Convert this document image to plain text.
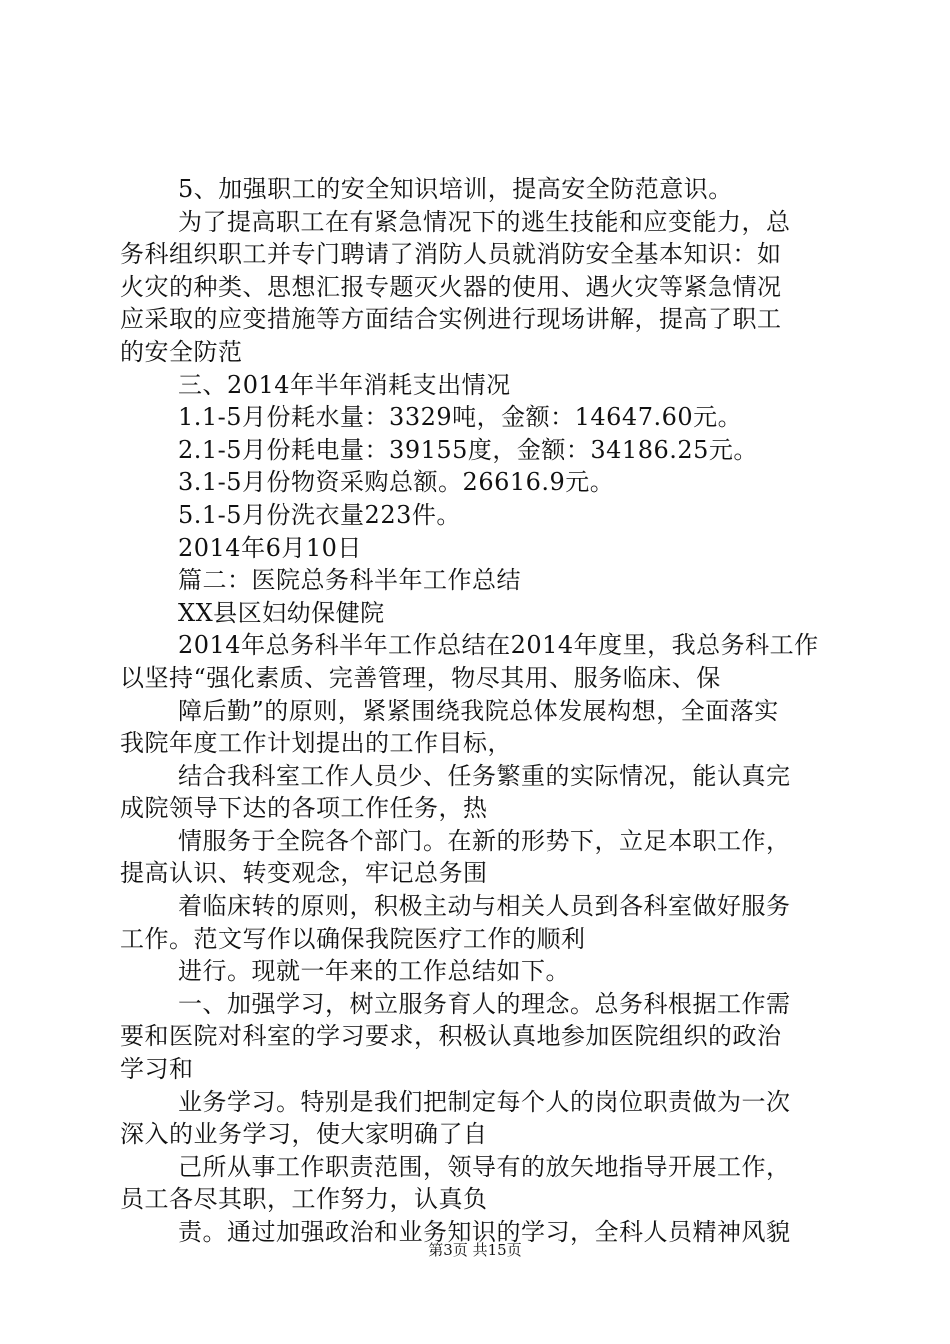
5、加强职工的安全知识培训，提高安全防范意识。
为了提高职工在有紧急情况下的逃生技能和应变能力，总
务科组织职工并专门聘请了消防人员就消防安全基本知识：如
火灾的种类、思想汇报专题灭火器的使用、遇火灾等紧急情况
应采取的应变措施等方面结合实例进行现场讲解，提高了职工
的安全防范
三、2014年半年消耗支出情况
1.1-5月份耗水量：3329吨，金额：14647.60元。
2.1-5月份耗电量：39155度，金额：34186.25元。
3.1-5月份物资采购总额。26616.9元。
5.1-5月份洗衣量223件。
2014年6月10日
篇二：医院总务科半年工作总结
XX县区妇幼保健院
2014年总务科半年工作总结在2014年度里，我总务科工作
以坚持“强化素质、完善管理，物尽其用、服务临床、保
障后勤”的原则，紧紧围绕我院总体发展构想，全面落实
我院年度工作计划提出的工作目标，
结合我科室工作人员少、任务繁重的实际情况，能认真完
成院领导下达的各项工作任务，热
情服务于全院各个部门。在新的形势下，立足本职工作，
提高认识、转变观念，牢记总务围
着临床转的原则，积极主动与相关人员到各科室做好服务
工作。范文写作以确保我院医疗工作的顺利
进行。现就一年来的工作总结如下。
一、加强学习，树立服务育人的理念。总务科根据工作需
要和医院对科室的学习要求，积极认真地参加医院组织的政治
学习和
业务学习。特别是我们把制定每个人的岗位职责做为一次
深入的业务学习，使大家明确了自
己所从事工作职责范围，领导有的放矢地指导开展工作，
员工各尽其职，工作努力，认真负
责。通过加强政治和业务知识的学习，全科人员精神风貌
第3页 共15页
